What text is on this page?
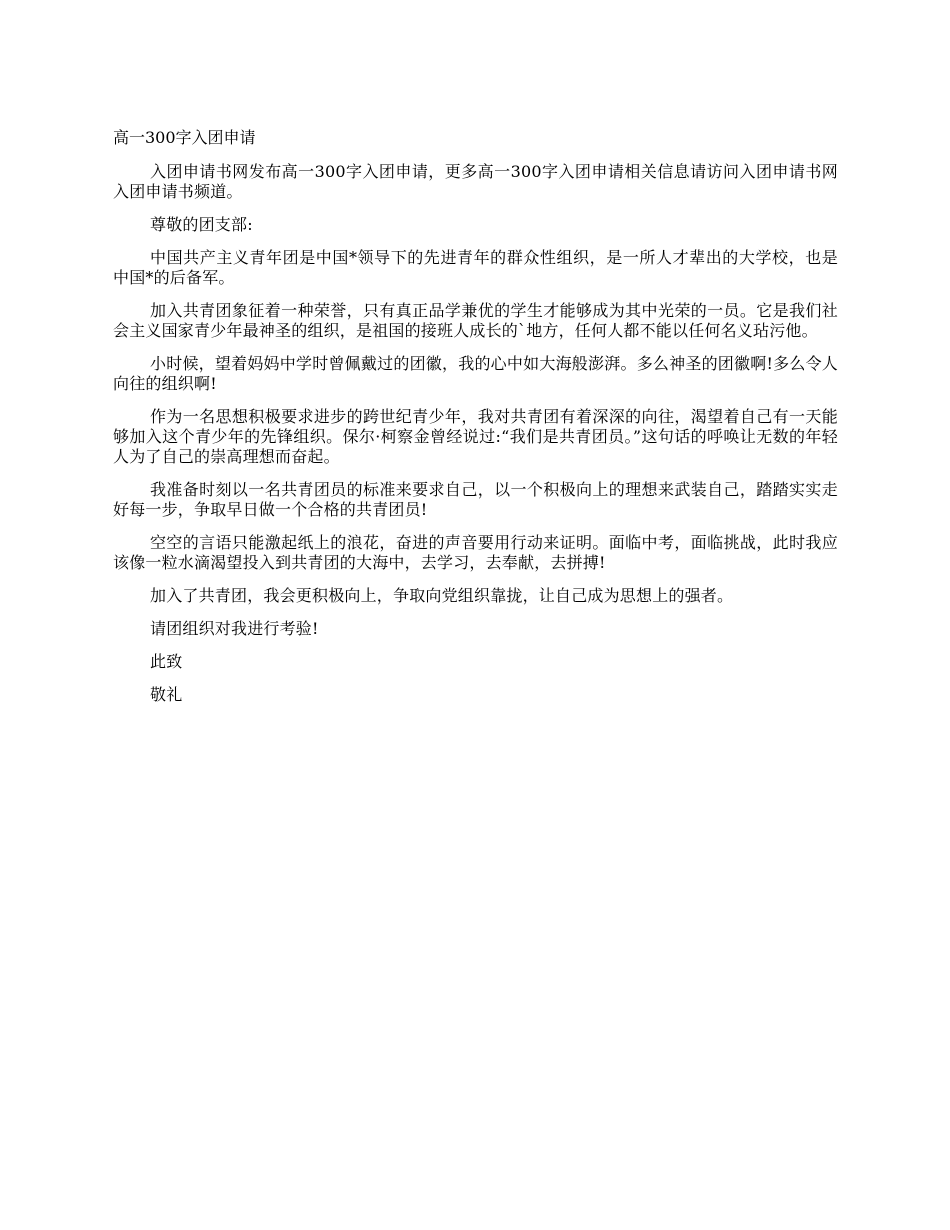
高一300字入团申请

入团申请书网发布高一300字入团申请，更多高一300字入团申请相关信息请访问入团申请书网入团申请书频道。

尊敬的团支部:

中国共产主义青年团是中国*领导下的先进青年的群众性组织，是一所人才辈出的大学校，也是中国*的后备军。

加入共青团象征着一种荣誉，只有真正品学兼优的学生才能够成为其中光荣的一员。它是我们社会主义国家青少年最神圣的组织，是祖国的接班人成长的`地方，任何人都不能以任何名义玷污他。

小时候，望着妈妈中学时曾佩戴过的团徽，我的心中如大海般澎湃。多么神圣的团徽啊!多么令人向往的组织啊!

作为一名思想积极要求进步的跨世纪青少年，我对共青团有着深深的向往，渴望着自己有一天能够加入这个青少年的先锋组织。保尔·柯察金曾经说过:“我们是共青团员。”这句话的呼唤让无数的年轻人为了自己的崇高理想而奋起。

我准备时刻以一名共青团员的标准来要求自己，以一个积极向上的理想来武装自己，踏踏实实走好每一步，争取早日做一个合格的共青团员!

空空的言语只能激起纸上的浪花，奋进的声音要用行动来证明。面临中考，面临挑战，此时我应该像一粒水滴渴望投入到共青团的大海中，去学习，去奉献，去拼搏!

加入了共青团，我会更积极向上，争取向党组织靠拢，让自己成为思想上的强者。

请团组织对我进行考验!

此致

敬礼
